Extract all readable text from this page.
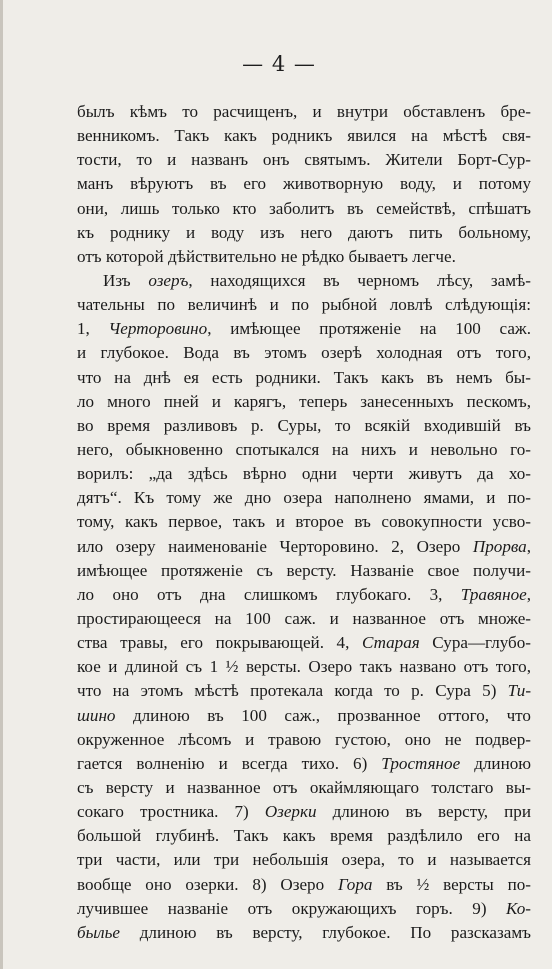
— 4 —
былъ кѣмъ то расчищенъ, и внутри обставленъ бре-
венникомъ. Такъ какъ родникъ явился на мѣстѣ свя-
тости, то и названъ онъ святымъ. Жители Борт-Сур-
манъ вѣруютъ въ его животворную воду, и потому
они, лишь только кто заболитъ въ семействѣ, спѣшатъ
къ роднику и воду изъ него даютъ пить больному,
отъ которой дѣйствительно не рѣдко бываетъ легче.
Изъ озеръ, находящихся въ черномъ лѣсу, замѣ-
чательны по величинѣ и по рыбной ловлѣ слѣдующія:
1, Черторовино, имѣющее протяженіе на 100 саж.
и глубокое. Вода въ этомъ озерѣ холодная отъ того,
что на днѣ ея есть родники. Такъ какъ въ немъ бы-
ло много пней и карягъ, теперь занесенныхъ пескомъ,
во время разливовъ р. Суры, то всякій входившій въ
него, обыкновенно спотыкался на нихъ и невольно го-
ворилъ: „да здѣсь вѣрно одни черти живутъ да хо-
дятъ“. Къ тому же дно озера наполнено ямами, и по-
тому, какъ первое, такъ и второе въ совокупности усво-
ило озеру наименованіе Черторовино. 2, Озеро Прорва,
имѣющее протяженіе съ версту. Названіе свое получи-
ло оно отъ дна слишкомъ глубокаго. 3, Травяное,
простирающееся на 100 саж. и названное отъ множе-
ства травы, его покрывающей. 4, Старая Сура—глубо-
кое и длиной съ 1 ½ версты. Озеро такъ названо отъ того,
что на этомъ мѣстѣ протекала когда то р. Сура 5) Ти-
шино длиною въ 100 саж., прозванное оттого, что
окруженное лѣсомъ и травою густою, оно не подвер-
гается волненію и всегда тихо. 6) Тростяное длиною
съ версту и названное отъ окаймляющаго толстаго вы-
сокаго тростника. 7) Озерки длиною въ версту, при
большой глубинѣ. Такъ какъ время раздѣлило его на
три части, или три небольшія озера, то и называется
вообще оно озерки. 8) Озеро Гора въ ½ версты по-
лучившее названіе отъ окружающихъ горъ. 9) Ко-
былье длиною въ версту, глубокое. По разсказамъ
